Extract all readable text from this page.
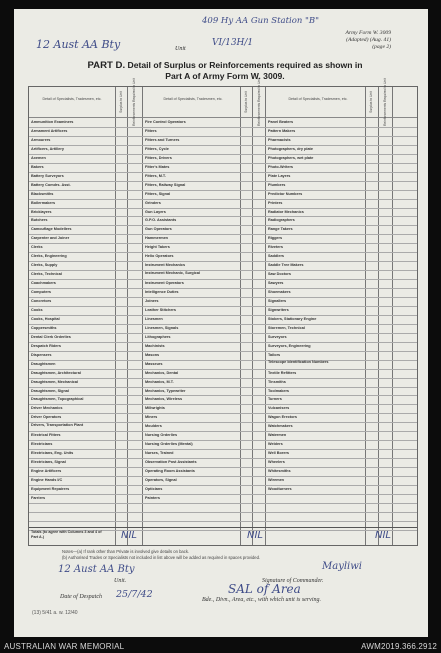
409 Hy AA Gun Station "B"
Army Form W. 3009
(Adapted) (Aug. 41)
(page 2)
12 Aust AA Bty	Unit
VI/13H/1
PART D. Detail of Surplus or Reinforcements required as shown in
Part A of Army Form W. 3009.
Detail of Specialists, Tradesmen, etc.	Surplus to Unit	Reinforcements Required to Unit	Detail of Specialists, Tradesmen, etc.	Surplus to Unit	Reinforcements Required to Unit	Detail of Specialists, Tradesmen, etc.	Surplus to Unit	Reinforcements Required to Unit
Ammunition Examiners
Armament Artificers
Armourers
Artificers, Artillery
Axemen
Bakers
Battery Surveyors
Battery Comdrs. Asst.
Blacksmiths
Boilermakers
Bricklayers
Butchers
Camouflage Modellers
Carpenter and Joiner
Clerks
Clerks, Engineering
Clerks, Supply
Clerks, Technical
Coachmakers
Computers
Concretors
Cooks
Cooks, Hospital
Coppersmiths
Dental Clerk Orderlies
Despatch Riders
Dispensers
Draughtsmen
Draughtsmen, Architectural
Draughtsmen, Mechanical
Draughtsmen, Signal
Draughtsmen, Topographical
Driver Mechanics
Driver Operators
Drivers, Transportation Plant
Electrical Fitters
Electricians
Electricians, Eng. Units
Electricians, Signal
Engine Artificers
Engine Hands I/C
Equipment Repairers
Farriers
Fire Control Operators
Fitters
Fitters and Turners
Fitters, Cycle
Fitters, Drivers
Fitter's Mates
Fitters, M.T.
Fitters, Railway Signal
Fitters, Signal
Grinders
Gun Layers
G.P.O. Assistants
Gun Operators
Hammermen
Height Takers
Helio Operators
Instrument Mechanics
Instrument Mechanic, Surgical
Instrument Operators
Intelligence Duties
Joiners
Leather Stitchers
Linesmen
Linesmen, Signals
Lithographers
Machinists
Masons
Masseurs
Mechanics, Dental
Mechanics, M.T.
Mechanics, Typewriter
Mechanics, Wireless
Millwrights
Miners
Moulders
Nursing Orderlies
Nursing Orderlies (Mental)
Nurses, Trained
Observation Post Assistants
Operating Room Assistants
Operators, Signal
Opticians
Painters
Panel Beaters
Pattern Makers
Pharmacists
Photographers, dry plate
Photographers, wet plate
Photo-Writers
Plate Layers
Plumbers
Predictor Numbers
Printers
Radiator Mechanics
Radiographers
Range Takers
Riggers
Riveters
Saddlers
Saddle Tree Makers
Saw Doctors
Sawyers
Shoemakers
Signallers
Signwriters
Stokers, Stationary Engine
Storemen, Technical
Surveyors
Surveyors, Engineering
Tailors
Telescope Identification Numbers
Textile Refitters
Tinsmiths
Toolmakers
Turners
Vulcanisers
Wagon Erectors
Watchmakers
Watermen
Welders
Well Borers
Wheelers
Whitesmiths
Wiremen
Woodturners
Totals (to agree with Columns 3 and 4 of Part A.)	NIL	NIL	NIL
Notes—(a) If rank other than Private is involved give details on back.
(b) Authorised Trades or Specialists not included in list above will be added as required in spaces provided.
Mayliwi
12 Aust AA Bty
Unit.	Signature of Commander.
SAL of Area
Date of Despatch 25/7/42	Bde., Divn., Area, etc., with which unit is serving.
(13) 5/41 a. w. 12/40
AUSTRALIAN WAR MEMORIAL	AWM2019.366.2912
